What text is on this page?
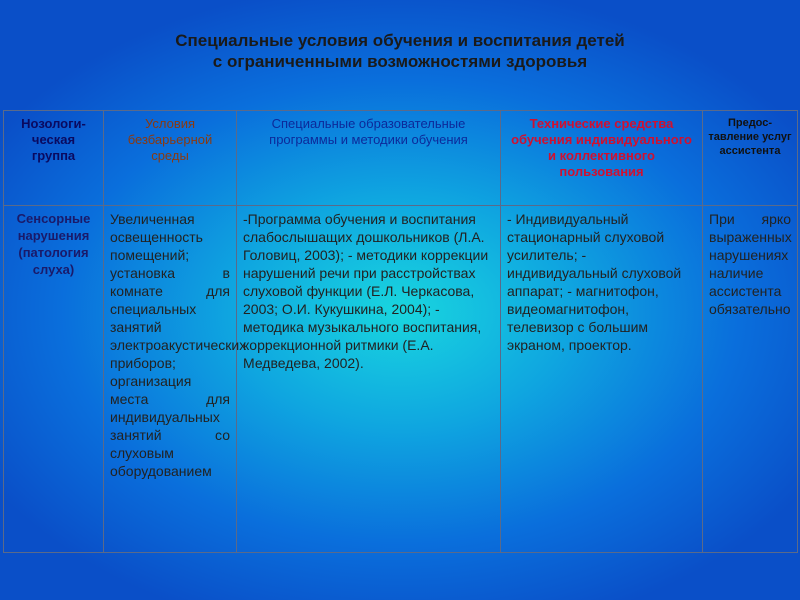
Специальные условия обучения и воспитания детей
с ограниченными возможностями здоровья
Нозологи-ческая группа	Условия безбарьерной среды	Специальные образовательные программы и методики обучения	Технические средства обучения индивидуального и коллективного пользования	Предос-тавление услуг ассистента

Сенсорные нарушения (патология слуха)	Увеличенная освещенность помещений; установка в комнате для специальных занятий электроакустических приборов; организация места для индивидуальных занятий со слуховым оборудованием	-Программа обучения и воспитания слабослышащих дошкольников (Л.А. Головиц, 2003); - методики коррекции нарушений речи при расстройствах слуховой функции (Е.Л. Черкасова, 2003; О.И. Кукушкина, 2004); - методика музыкального воспитания, коррекционной ритмики (Е.А. Медведева, 2002).	- Индивидуальный стационарный слуховой усилитель; - индивидуальный слуховой аппарат; - магнитофон, видеомагнитофон, телевизор с большим экраном, проектор.	При ярко выраженных нарушениях наличие ассистента обязательно
